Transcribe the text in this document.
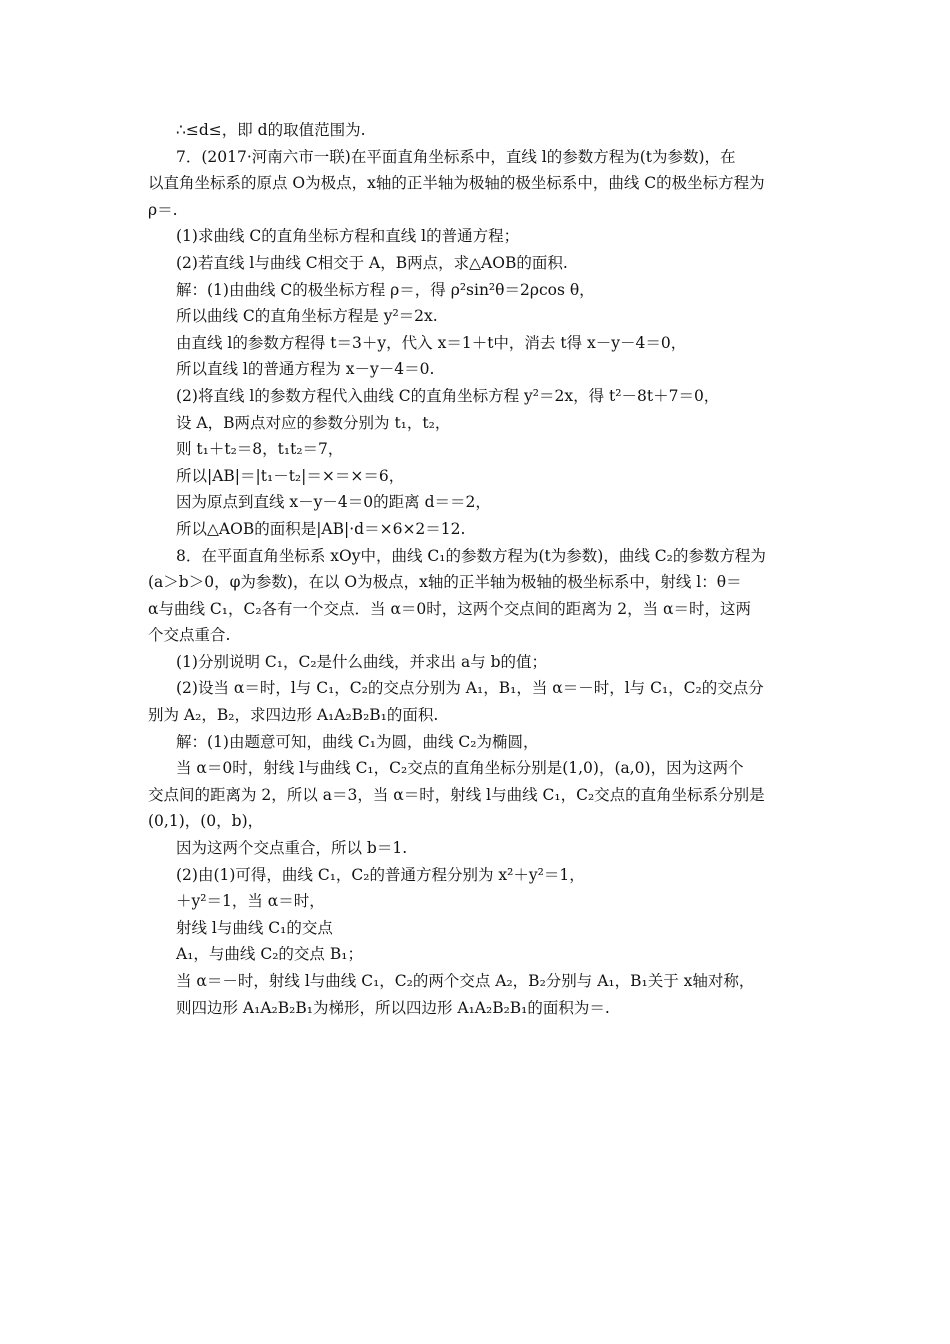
∴≤d≤，即 d的取值范围为.
7．(2017·河南六市一联)在平面直角坐标系中，直线 l的参数方程为(t为参数)，在
以直角坐标系的原点 O为极点，x轴的正半轴为极轴的极坐标系中，曲线 C的极坐标方程为
ρ＝.
(1)求曲线 C的直角坐标方程和直线 l的普通方程；
(2)若直线 l与曲线 C相交于 A，B两点，求△AOB的面积.
解：(1)由曲线 C的极坐标方程 ρ＝，得 ρ²sin²θ＝2ρcos θ，
所以曲线 C的直角坐标方程是 y²＝2x.
由直线 l的参数方程得 t＝3＋y，代入 x＝1＋t中，消去 t得 x－y－4＝0，
所以直线 l的普通方程为 x－y－4＝0.
(2)将直线 l的参数方程代入曲线 C的直角坐标方程 y²＝2x，得 t²－8t＋7＝0，
设 A，B两点对应的参数分别为 t₁，t₂，
则 t₁＋t₂＝8，t₁t₂＝7，
所以|AB|＝|t₁－t₂|＝×＝×＝6，
因为原点到直线 x－y－4＝0的距离 d＝＝2，
所以△AOB的面积是|AB|·d＝×6×2＝12.
8．在平面直角坐标系 xOy中，曲线 C₁的参数方程为(t为参数)，曲线 C₂的参数方程为
(a＞b＞0，φ为参数)，在以 O为极点，x轴的正半轴为极轴的极坐标系中，射线 l：θ＝
α与曲线 C₁，C₂各有一个交点．当 α＝0时，这两个交点间的距离为 2，当 α＝时，这两
个交点重合.
(1)分别说明 C₁，C₂是什么曲线，并求出 a与 b的值；
(2)设当 α＝时，l与 C₁，C₂的交点分别为 A₁，B₁，当 α＝－时，l与 C₁，C₂的交点分
别为 A₂，B₂，求四边形 A₁A₂B₂B₁的面积.
解：(1)由题意可知，曲线 C₁为圆，曲线 C₂为椭圆，
当 α＝0时，射线 l与曲线 C₁，C₂交点的直角坐标分别是(1,0)，(a,0)，因为这两个
交点间的距离为 2，所以 a＝3，当 α＝时，射线 l与曲线 C₁，C₂交点的直角坐标系分别是
(0,1)，(0，b)，
因为这两个交点重合，所以 b＝1.
(2)由(1)可得，曲线 C₁，C₂的普通方程分别为 x²＋y²＝1，
＋y²＝1，当 α＝时，
射线 l与曲线 C₁的交点
A₁，与曲线 C₂的交点 B₁；
当 α＝－时，射线 l与曲线 C₁，C₂的两个交点 A₂，B₂分别与 A₁，B₁关于 x轴对称，
则四边形 A₁A₂B₂B₁为梯形，所以四边形 A₁A₂B₂B₁的面积为＝.
